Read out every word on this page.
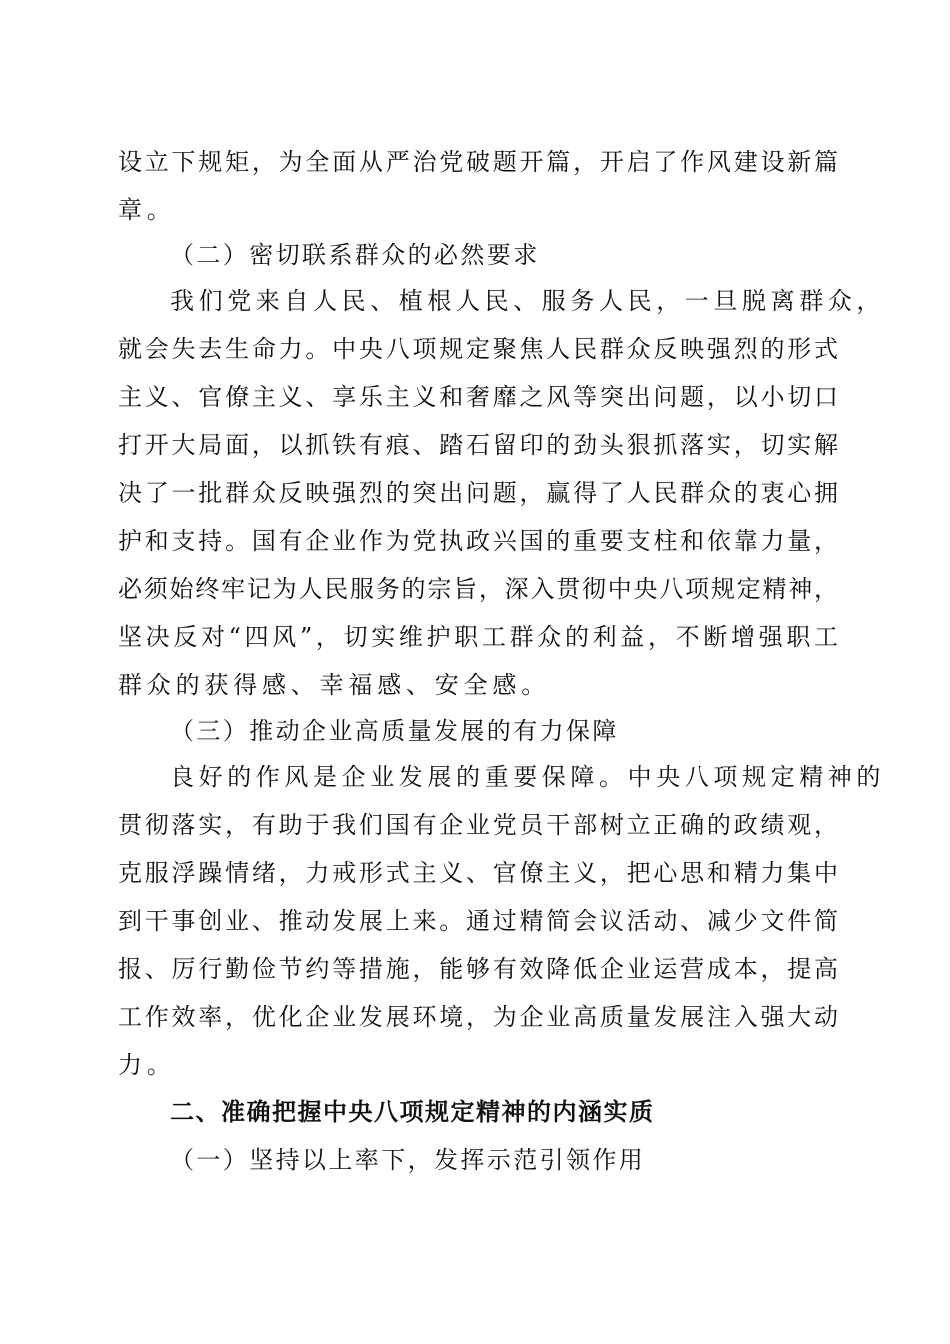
设立下规矩，为全面从严治党破题开篇，开启了作风建设新篇
章。
（二）密切联系群众的必然要求
我们党来自人民、植根人民、服务人民，一旦脱离群众，
就会失去生命力。中央八项规定聚焦人民群众反映强烈的形式
主义、官僚主义、享乐主义和奢靡之风等突出问题，以小切口
打开大局面，以抓铁有痕、踏石留印的劲头狠抓落实，切实解
决了一批群众反映强烈的突出问题，赢得了人民群众的衷心拥
护和支持。国有企业作为党执政兴国的重要支柱和依靠力量，
必须始终牢记为人民服务的宗旨，深入贯彻中央八项规定精神，
坚决反对“四风”，切实维护职工群众的利益，不断增强职工
群众的获得感、幸福感、安全感。
（三）推动企业高质量发展的有力保障
良好的作风是企业发展的重要保障。中央八项规定精神的
贯彻落实，有助于我们国有企业党员干部树立正确的政绩观，
克服浮躁情绪，力戒形式主义、官僚主义，把心思和精力集中
到干事创业、推动发展上来。通过精简会议活动、减少文件简
报、厉行勤俭节约等措施，能够有效降低企业运营成本，提高
工作效率，优化企业发展环境，为企业高质量发展注入强大动
力。
二、准确把握中央八项规定精神的内涵实质
（一）坚持以上率下，发挥示范引领作用
